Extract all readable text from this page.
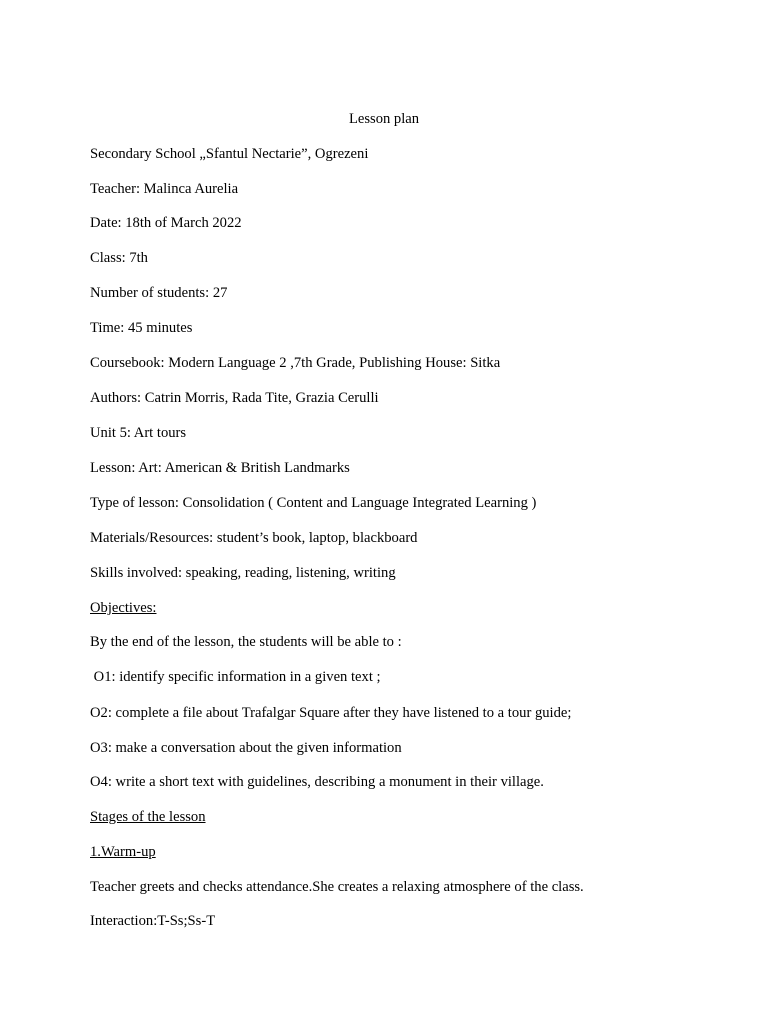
Lesson plan
Secondary School „Sfantul Nectarie”, Ogrezeni
Teacher: Malinca Aurelia
Date: 18th of March 2022
Class: 7th
Number of students: 27
Time: 45 minutes
Coursebook: Modern Language 2 ,7th Grade, Publishing House: Sitka
Authors: Catrin Morris, Rada Tite, Grazia Cerulli
Unit 5: Art tours
Lesson: Art: American & British Landmarks
Type of lesson: Consolidation ( Content and Language Integrated Learning )
Materials/Resources: student’s book, laptop, blackboard
Skills involved: speaking, reading, listening, writing
Objectives:
By the end of the lesson, the students will be able to :
O1: identify specific information in a given text ;
O2: complete a file about Trafalgar Square after they have listened to a tour guide;
O3: make a conversation about the given information
O4: write a short text with guidelines, describing a monument in their village.
Stages of the lesson
1.Warm-up
Teacher greets and checks attendance.She creates a relaxing atmosphere of the class.
Interaction:T-Ss;Ss-T
